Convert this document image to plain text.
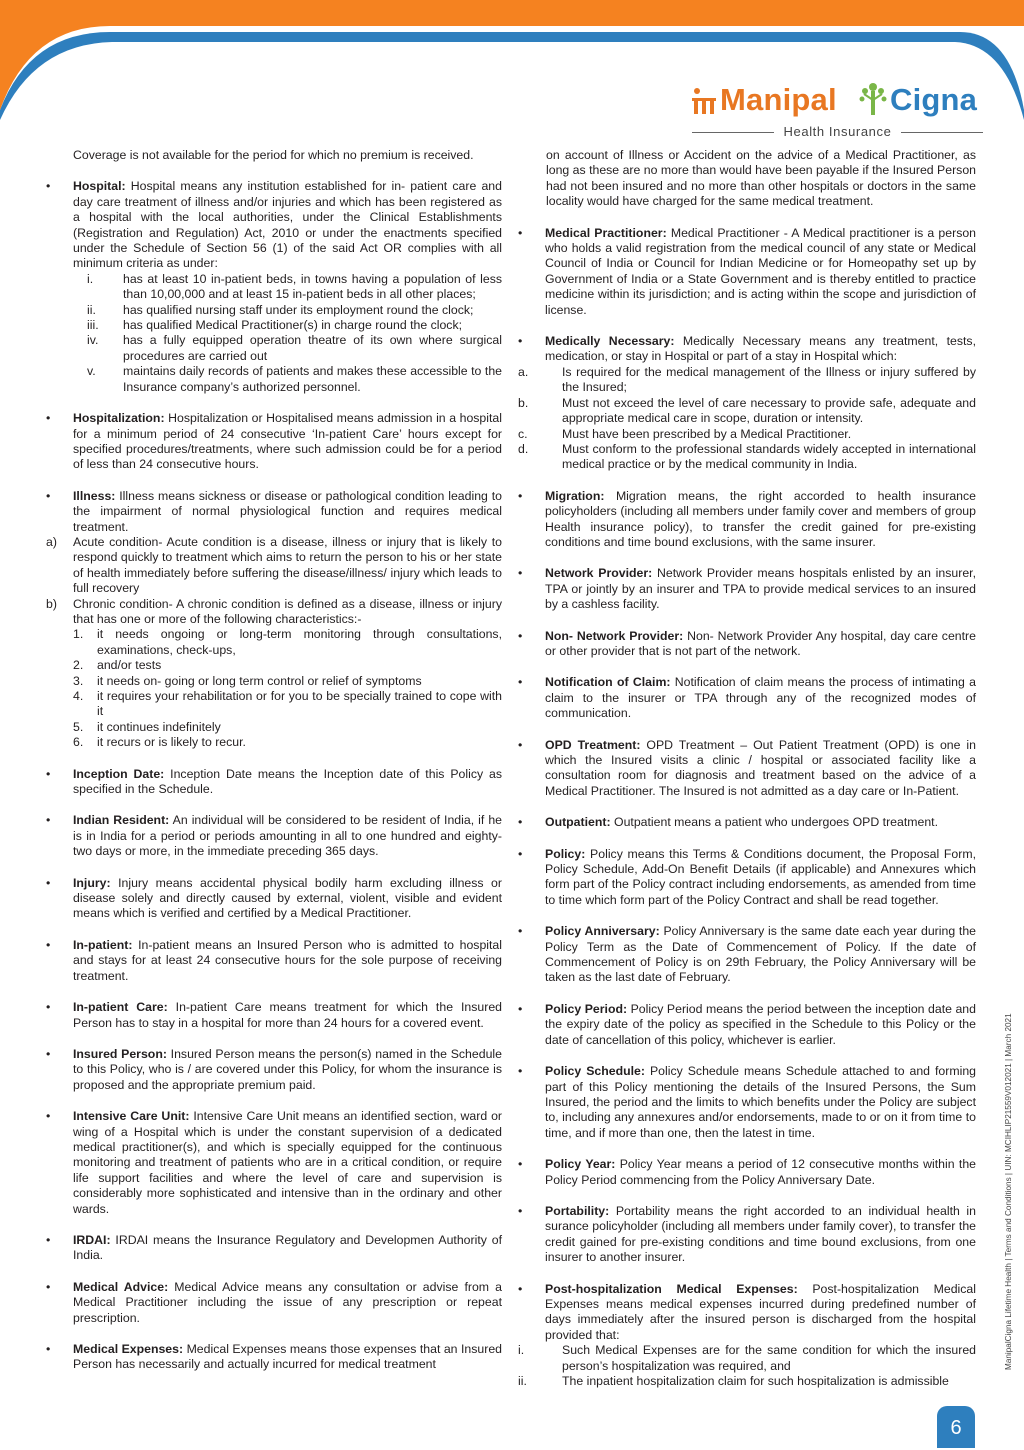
Manipal Cigna
Health Insurance

Coverage is not available for the period for which no premium is received.

• Hospital: Hospital means any institution established for in- patient care and day care treatment of illness and/or injuries and which has been registered as a hospital with the local authorities, under the Clinical Establishments (Registration and Regulation) Act, 2010 or under the enactments specified under the Schedule of Section 56 (1) of the said Act OR complies with all minimum criteria as under:
i.	has at least 10 in-patient beds, in towns having a population of less than 10,00,000 and at least 15 in-patient beds in all other places;
ii.	has qualified nursing staff under its employment round the clock;
iii.	has qualified Medical Practitioner(s) in charge round the clock;
iv.	has a fully equipped operation theatre of its own where surgical procedures are carried out
v.	maintains daily records of patients and makes these accessible to the Insurance company’s authorized personnel.
• Hospitalization: Hospitalization or Hospitalised means admission in a hospital for a minimum period of 24 consecutive ‘In-patient Care’ hours except for specified procedures/treatments, where such admission could be for a period of less than 24 consecutive hours.
• Illness: Illness means sickness or disease or pathological condition leading to the impairment of normal physiological function and requires medical treatment.
a) Acute condition- Acute condition is a disease, illness or injury that is likely to respond quickly to treatment which aims to return the person to his or her state of health immediately before suffering the disease/illness/ injury which leads to full recovery
b) Chronic condition- A chronic condition is defined as a disease, illness or injury that has one or more of the following characteristics:-
1. it needs ongoing or long-term monitoring through consultations, examinations, check-ups,
2. and/or tests
3. it needs on- going or long term control or relief of symptoms
4. it requires your rehabilitation or for you to be specially trained to cope with it
5. it continues indefinitely
6. it recurs or is likely to recur.
• Inception Date: Inception Date means the Inception date of this Policy as specified in the Schedule.
• Indian Resident: An individual will be considered to be resident of India, if he is in India for a period or periods amounting in all to one hundred and eighty-two days or more, in the immediate preceding 365 days.
• Injury: Injury means accidental physical bodily harm excluding illness or disease solely and directly caused by external, violent, visible and evident means which is verified and certified by a Medical Practitioner.
• In-patient: In-patient means an Insured Person who is admitted to hospital and stays for at least 24 consecutive hours for the sole purpose of receiving treatment.
• In-patient Care: In-patient Care means treatment for which the Insured Person has to stay in a hospital for more than 24 hours for a covered event.
• Insured Person: Insured Person means the person(s) named in the Schedule to this Policy, who is / are covered under this Policy, for whom the insurance is proposed and the appropriate premium paid.
• Intensive Care Unit: Intensive Care Unit means an identified section, ward or wing of a Hospital which is under the constant supervision of a dedicated medical practitioner(s), and which is specially equipped for the continuous monitoring and treatment of patients who are in a critical condition, or require life support facilities and where the level of care and supervision is considerably more sophisticated and intensive than in the ordinary and other wards.
• IRDAI: IRDAI means the Insurance Regulatory and Developmen Authority of India.
• Medical Advice: Medical Advice means any consultation or advise from a Medical Practitioner including the issue of any prescription or repeat prescription.
• Medical Expenses: Medical Expenses means those expenses that an Insured Person has necessarily and actually incurred for medical treatment

on account of Illness or Accident on the advice of a Medical Practitioner, as long as these are no more than would have been payable if the Insured Person had not been insured and no more than other hospitals or doctors in the same locality would have charged for the same medical treatment.

• Medical Practitioner: Medical Practitioner - A Medical practitioner is a person who holds a valid registration from the medical council of any state or Medical Council of India or Council for Indian Medicine or for Homeopathy set up by Government of India or a State Government and is thereby entitled to practice medicine within its jurisdiction; and is acting within the scope and jurisdiction of license.
• Medically Necessary: Medically Necessary means any treatment, tests, medication, or stay in Hospital or part of a stay in Hospital which:
a.	Is required for the medical management of the Illness or injury suffered by the Insured;
b.	Must not exceed the level of care necessary to provide safe, adequate and appropriate medical care in scope, duration or intensity.
c.	Must have been prescribed by a Medical Practitioner.
d.	Must conform to the professional standards widely accepted in international medical practice or by the medical community in India.
• Migration: Migration means, the right accorded to health insurance policyholders (including all members under family cover and members of group Health insurance policy), to transfer the credit gained for pre-existing conditions and time bound exclusions, with the same insurer.
• Network Provider: Network Provider means hospitals enlisted by an insurer, TPA or jointly by an insurer and TPA to provide medical services to an insured by a cashless facility.
• Non- Network Provider: Non- Network Provider Any hospital, day care centre or other provider that is not part of the network.
• Notification of Claim: Notification of claim means the process of intimating a claim to the insurer or TPA through any of the recognized modes of communication.
• OPD Treatment: OPD Treatment – Out Patient Treatment (OPD) is one in which the Insured visits a clinic / hospital or associated facility like a consultation room for diagnosis and treatment based on the advice of a Medical Practitioner. The Insured is not admitted as a day care or In-Patient.
• Outpatient: Outpatient means a patient who undergoes OPD treatment.
• Policy: Policy means this Terms & Conditions document, the Proposal Form, Policy Schedule, Add-On Benefit Details (if applicable) and Annexures which form part of the Policy contract including endorsements, as amended from time to time which form part of the Policy Contract and shall be read together.
• Policy Anniversary: Policy Anniversary is the same date each year during the Policy Term as the Date of Commencement of Policy. If the date of Commencement of Policy is on 29th February, the Policy Anniversary will be taken as the last date of February.
• Policy Period: Policy Period means the period between the inception date and the expiry date of the policy as specified in the Schedule to this Policy or the date of cancellation of this policy, whichever is earlier.
• Policy Schedule: Policy Schedule means Schedule attached to and forming part of this Policy mentioning the details of the Insured Persons, the Sum Insured, the period and the limits to which benefits under the Policy are subject to, including any annexures and/or endorsements, made to or on it from time to time, and if more than one, then the latest in time.
• Policy Year: Policy Year means a period of 12 consecutive months within the Policy Period commencing from the Policy Anniversary Date.
• Portability: Portability means the right accorded to an individual health in surance policyholder (including all members under family cover), to transfer the credit gained for pre-existing conditions and time bound exclusions, from one insurer to another insurer.
• Post-hospitalization Medical Expenses: Post-hospitalization Medical Expenses means medical expenses incurred during predefined number of days immediately after the insured person is discharged from the hospital provided that:
i.	Such Medical Expenses are for the same condition for which the insured person’s hospitalization was required, and
ii.	The inpatient hospitalization claim for such hospitalization is admissible
ManipalCigna Lifetime Health | Terms and Conditions | UIN: MCIHLIP21559V012021 | March 2021
6
